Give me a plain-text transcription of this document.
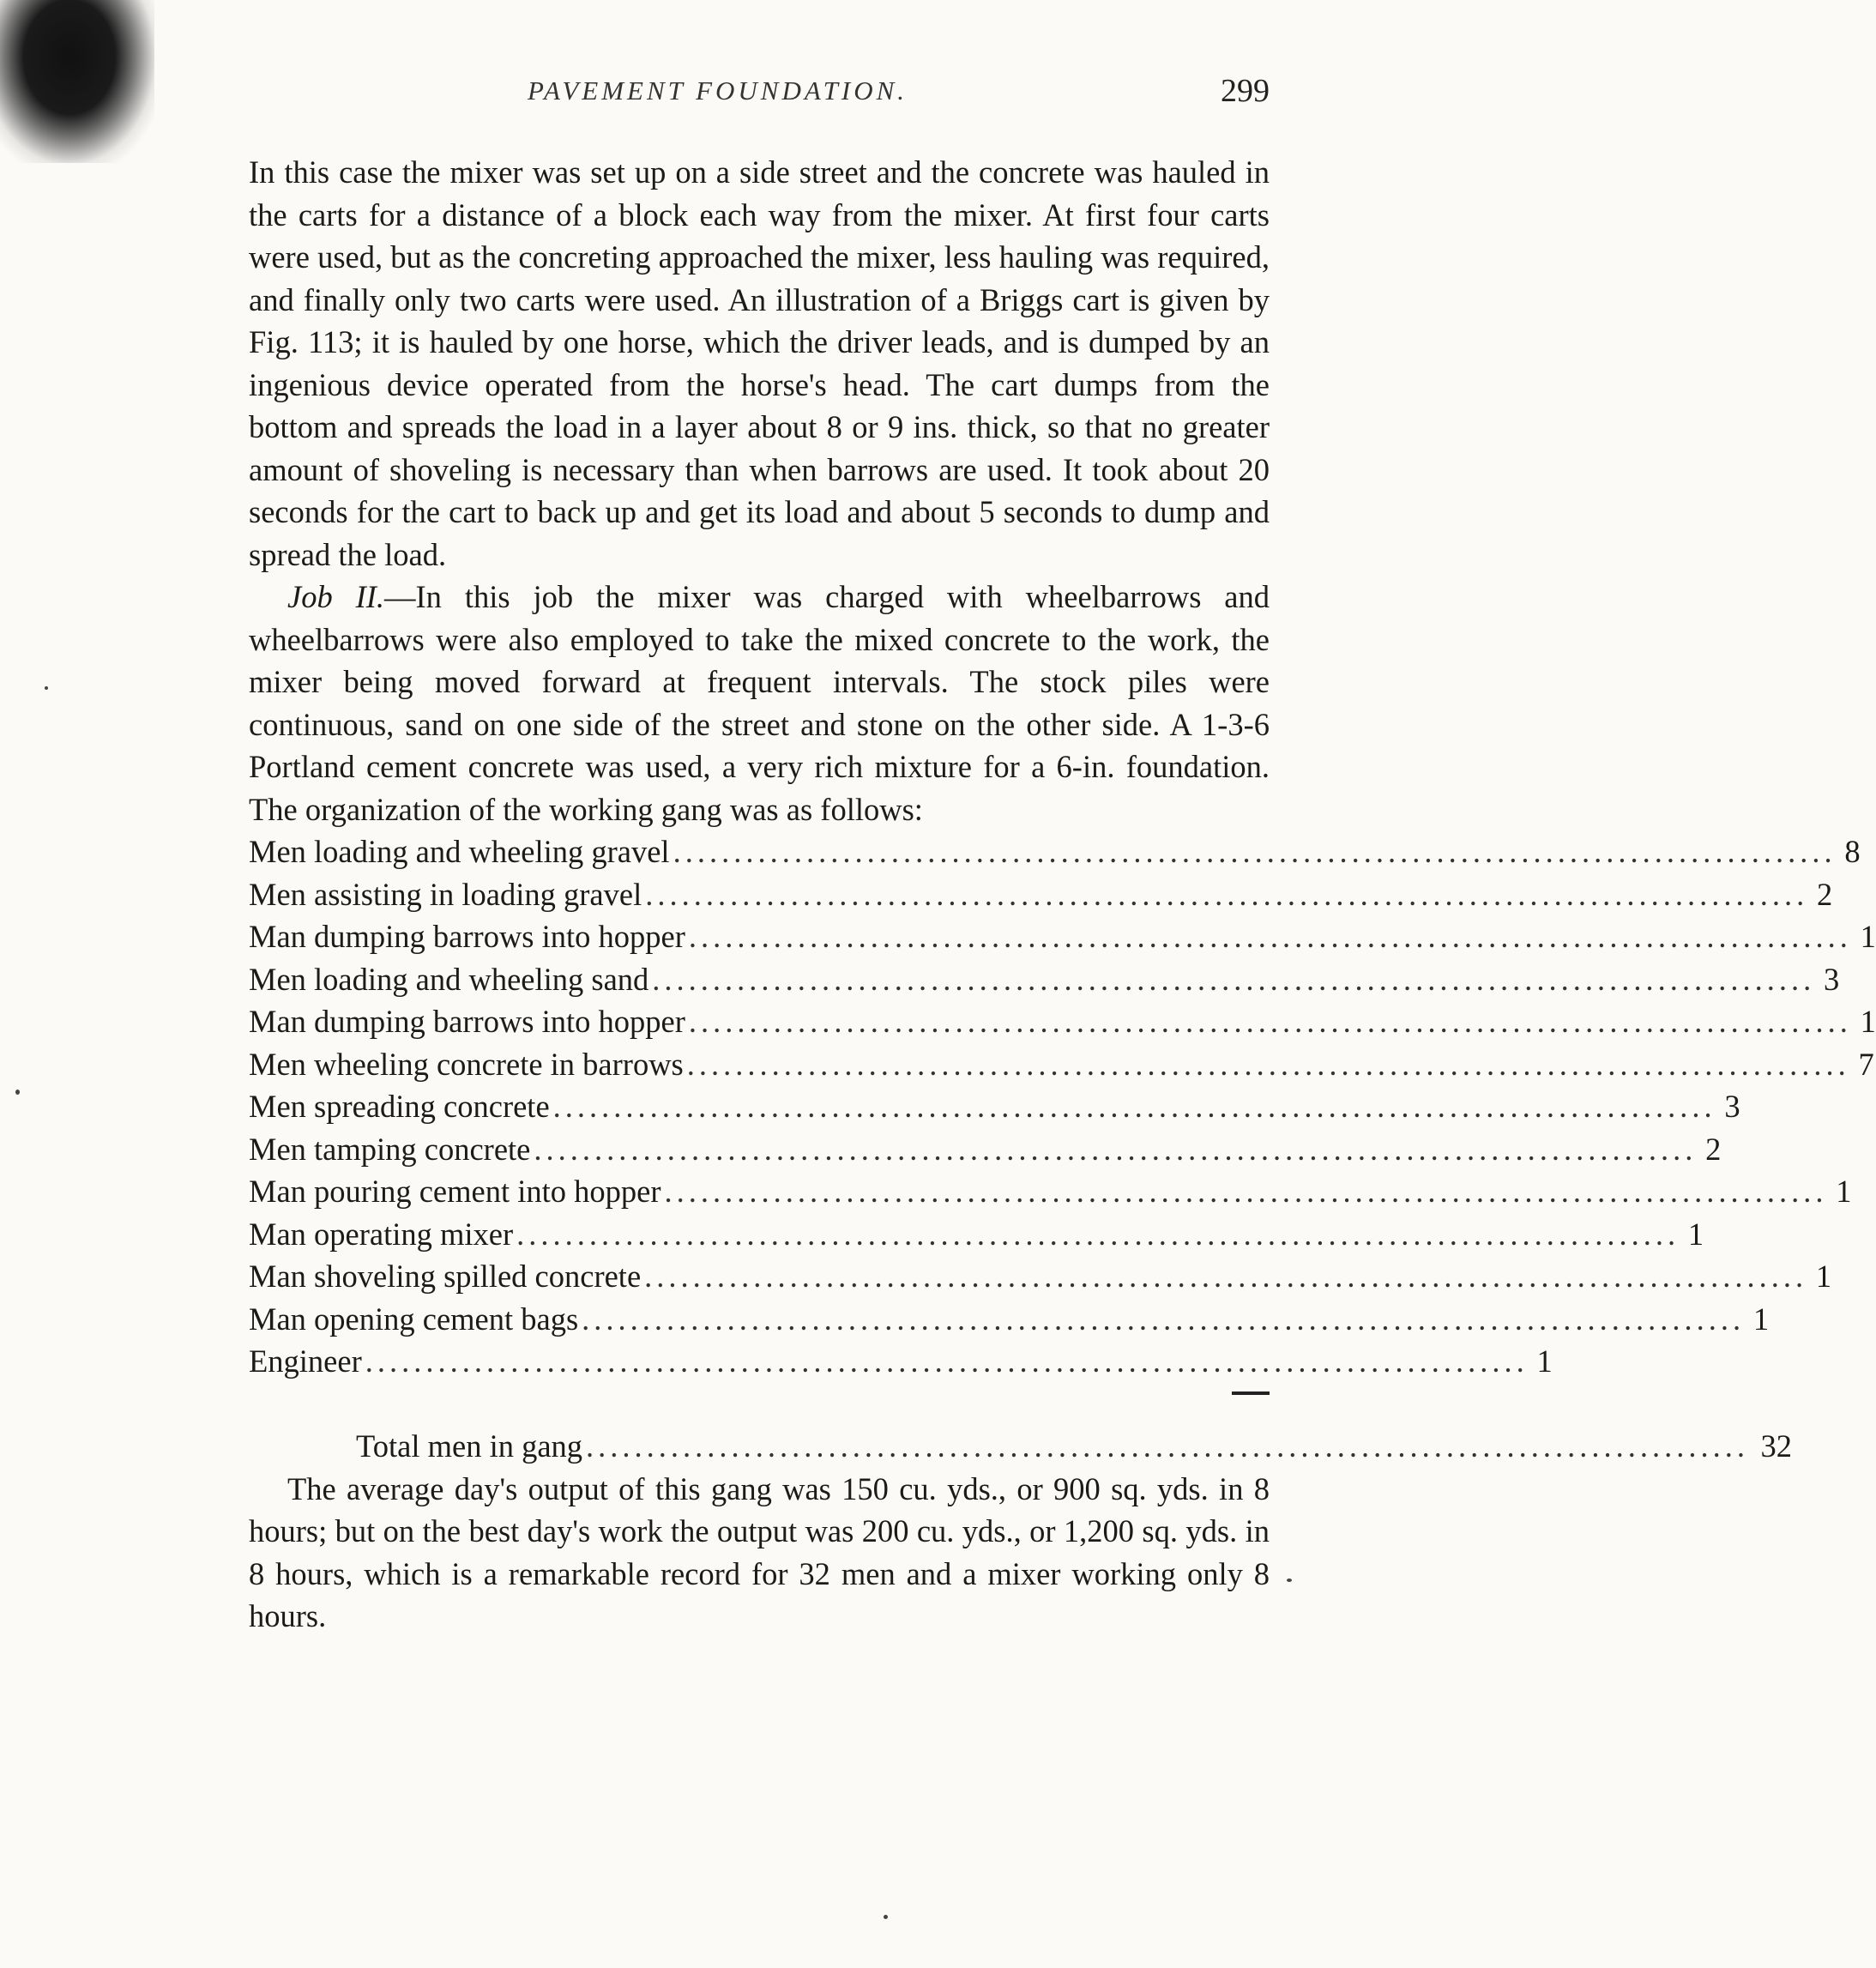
PAVEMENT FOUNDATION.	299

In this case the mixer was set up on a side street and the concrete was hauled in the carts for a distance of a block each way from the mixer. At first four carts were used, but as the concreting approached the mixer, less hauling was required, and finally only two carts were used. An illustration of a Briggs cart is given by Fig. 113; it is hauled by one horse, which the driver leads, and is dumped by an ingenious device operated from the horse's head. The cart dumps from the bottom and spreads the load in a layer about 8 or 9 ins. thick, so that no greater amount of shoveling is necessary than when barrows are used. It took about 20 seconds for the cart to back up and get its load and about 5 seconds to dump and spread the load.

Job II.—In this job the mixer was charged with wheelbarrows and wheelbarrows were also employed to take the mixed concrete to the work, the mixer being moved forward at frequent intervals. The stock piles were continuous, sand on one side of the street and stone on the other side. A 1-3-6 Portland cement concrete was used, a very rich mixture for a 6-in. foundation. The organization of the working gang was as follows:

Men loading and wheeling gravel ................................................................................................ 8
Men assisting in loading gravel ................................................................................................ 2
Man dumping barrows into hopper ................................................................................................ 1
Men loading and wheeling sand ................................................................................................ 3
Man dumping barrows into hopper ................................................................................................ 1
Men wheeling concrete in barrows ................................................................................................ 7
Men spreading concrete ................................................................................................ 3
Men tamping concrete ................................................................................................ 2
Man pouring cement into hopper ................................................................................................ 1
Man operating mixer ................................................................................................ 1
Man shoveling spilled concrete ................................................................................................ 1
Man opening cement bags ................................................................................................ 1
Engineer ................................................................................................ 1
Total men in gang ................................................................................................ 32

The average day's output of this gang was 150 cu. yds., or 900 sq. yds. in 8 hours; but on the best day's work the output was 200 cu. yds., or 1,200 sq. yds. in 8 hours, which is a remarkable record for 32 men and a mixer working only 8 hours.
